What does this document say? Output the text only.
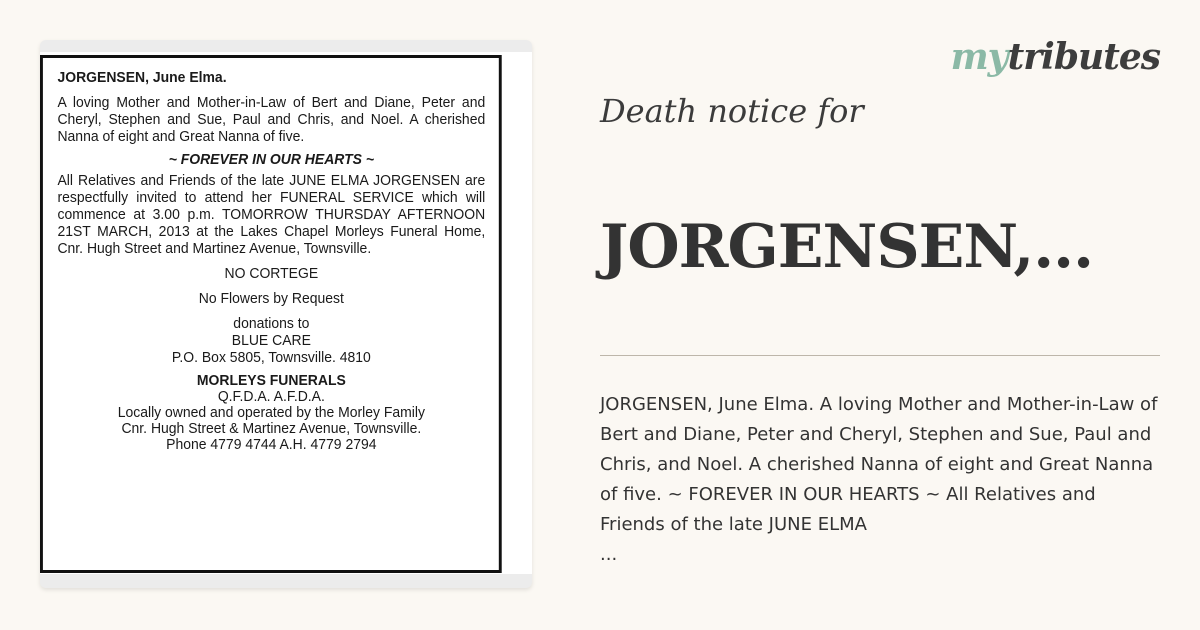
JORGENSEN, June Elma.
A loving Mother and Mother-in-Law of Bert and Diane, Peter and Cheryl, Stephen and Sue, Paul and Chris, and Noel. A cherished Nanna of eight and Great Nanna of five.
~ FOREVER IN OUR HEARTS ~
All Relatives and Friends of the late JUNE ELMA JORGENSEN are respectfully invited to attend her FUNERAL SERVICE which will commence at 3.00 p.m. TOMORROW THURSDAY AFTERNOON 21ST MARCH, 2013 at the Lakes Chapel Morleys Funeral Home, Cnr. Hugh Street and Martinez Avenue, Townsville.
NO CORTEGE
No Flowers by Request
donations to
BLUE CARE
P.O. Box 5805, Townsville. 4810
MORLEYS FUNERALS
Q.F.D.A. A.F.D.A.
Locally owned and operated by the Morley Family
Cnr. Hugh Street & Martinez Avenue, Townsville.
Phone 4779 4744 A.H. 4779 2794
mytributes
Death notice for
JORGENSEN,...
JORGENSEN, June Elma. A loving Mother and Mother-in-Law of Bert and Diane, Peter and Cheryl, Stephen and Sue, Paul and Chris, and Noel. A cherished Nanna of eight and Great Nanna of five. ~ FOREVER IN OUR HEARTS ~ All Relatives and Friends of the late JUNE ELMA
...
